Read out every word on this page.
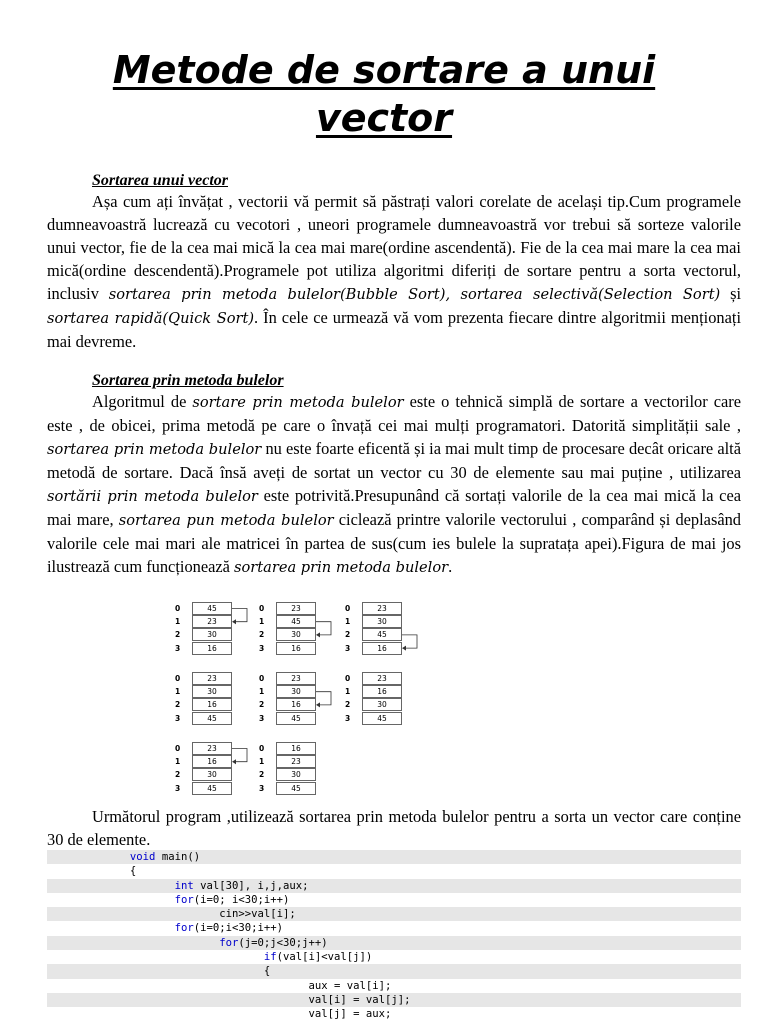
Metode de sortare a unui
vector
Sortarea unui vector

Așa cum ați învățat , vectorii vă permit să păstrați valori corelate de același tip.Cum programele dumneavoastră lucrează cu vecotori , uneori programele dumneavoastră vor trebui să sorteze valorile unui vector, fie de la cea mai mică la cea mai mare(ordine ascendentă). Fie de la cea mai mare la cea mai mică(ordine descendentă).Programele pot utiliza algoritmi diferiți de sortare pentru a sorta vectorul, inclusiv sortarea prin metoda bulelor(Bubble Sort), sortarea selectivă(Selection Sort) și sortarea rapidă(Quick Sort). În cele ce urmează vă vom prezenta fiecare dintre algoritmii menționați mai devreme.

Sortarea prin metoda bulelor

Algoritmul de sortare prin metoda bulelor este o tehnică simplă de sortare a vectorilor care este , de obicei, prima metodă pe care o învață cei mai mulți programatori. Datorită simplității sale , sortarea prin metoda bulelor nu este foarte eficentă și ia mai mult timp de procesare decât oricare altă metodă de sortare. Dacă însă aveți de sortat un vector cu 30 de elemente sau mai puține , utilizarea sortării prin metoda bulelor este potrivită.Presupunând că sortați valorile de la cea mai mică la cea mai mare, sortarea pun metoda bulelor ciclează printre valorile vectorului , comparând și deplasând valorile cele mai mari ale matricei în partea de sus(cum ies bulele la supratața apei).Figura de mai jos ilustrează cum funcționează sortarea prin metoda bulelor.

0	45
1	23
2	30
3	16
0	23
1	45
2	30
3	16
0	23
1	30
2	45
3	16
0	23
1	30
2	16
3	45
0	23
1	30
2	16
3	45
0	23
1	16
2	30
3	45
0	23
1	16
2	30
3	45
0	16
1	23
2	30
3	45

Următorul program ,utilizează sortarea prin metoda bulelor pentru a sorta un vector care conține 30 de elemente.

void main()
{
int val[30], i,j,aux;
for(i=0; i<30;i++)
cin>>val[i];
for(i=0;i<30;i++)
for(j=0;j<30;j++)
if(val[i]<val[j])
{
aux = val[i];
val[i] = val[j];
val[j] = aux;
